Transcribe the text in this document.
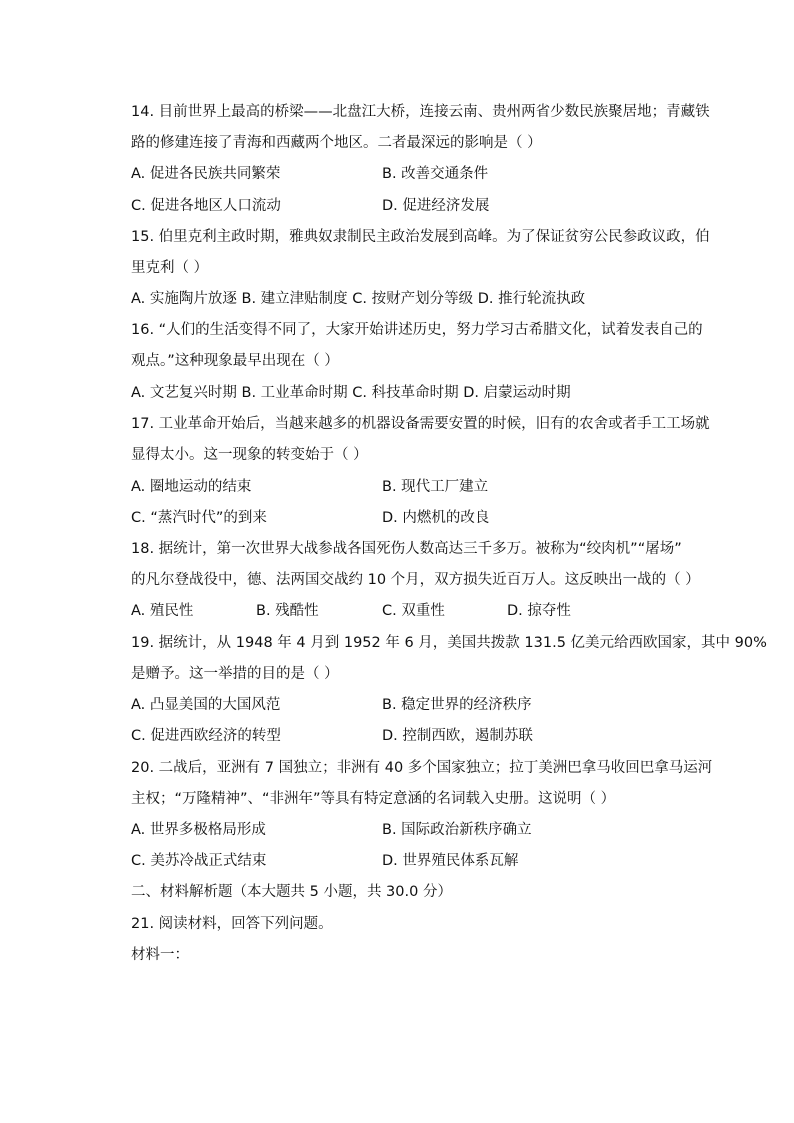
14. 目前世界上最高的桥梁——北盘江大桥，连接云南、贵州两省少数民族聚居地；青藏铁
路的修建连接了青海和西藏两个地区。二者最深远的影响是（ ）
A. 促进各民族共同繁荣	B. 改善交通条件
C. 促进各地区人口流动	D. 促进经济发展
15. 伯里克利主政时期，雅典奴隶制民主政治发展到高峰。为了保证贫穷公民参政议政，伯
里克利（ ）
A. 实施陶片放逐 B. 建立津贴制度 C. 按财产划分等级 D. 推行轮流执政
16. “人们的生活变得不同了，大家开始讲述历史，努力学习古希腊文化，试着发表自己的
观点。”这种现象最早出现在（ ）
A. 文艺复兴时期 B. 工业革命时期 C. 科技革命时期 D. 启蒙运动时期
17. 工业革命开始后，当越来越多的机器设备需要安置的时候，旧有的农舍或者手工工场就
显得太小。这一现象的转变始于（ ）
A. 圈地运动的结束	B. 现代工厂建立
C. “蒸汽时代”的到来	D. 内燃机的改良
18. 据统计，第一次世界大战参战各国死伤人数高达三千多万。被称为“绞肉机”“屠场”
的凡尔登战役中，德、法两国交战约 10 个月，双方损失近百万人。这反映出一战的（ ）
A. 殖民性	B. 残酷性	C. 双重性	D. 掠夺性
19. 据统计，从 1948 年 4 月到 1952 年 6 月，美国共拨款 131.5 亿美元给西欧国家，其中 90%
是赠予。这一举措的目的是（ ）
A. 凸显美国的大国风范	B. 稳定世界的经济秩序
C. 促进西欧经济的转型	D. 控制西欧，遏制苏联
20. 二战后，亚洲有 7 国独立；非洲有 40 多个国家独立；拉丁美洲巴拿马收回巴拿马运河
主权；“万隆精神”、“非洲年”等具有特定意涵的名词载入史册。这说明（ ）
A. 世界多极格局形成	B. 国际政治新秩序确立
C. 美苏冷战正式结束	D. 世界殖民体系瓦解
二、材料解析题（本大题共 5 小题，共 30.0 分）
21. 阅读材料，回答下列问题。
材料一：
